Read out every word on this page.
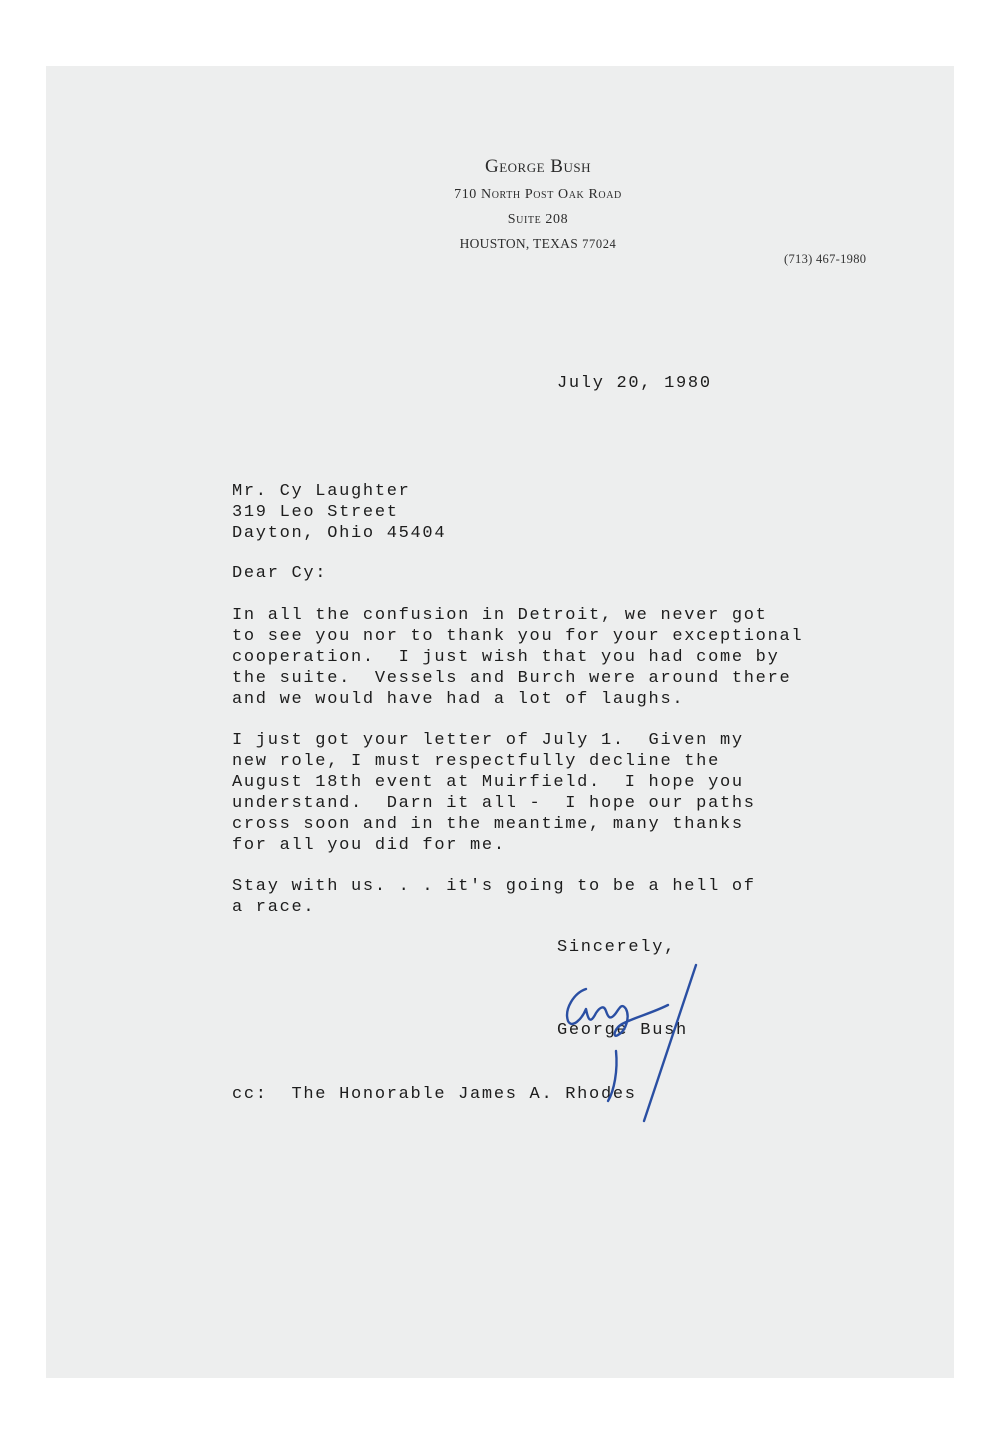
George Bush
710 North Post Oak Road
Suite 208
HOUSTON, TEXAS 77024
(713) 467-1980
July 20, 1980
Mr. Cy Laughter
319 Leo Street
Dayton, Ohio 45404
Dear Cy:
In all the confusion in Detroit, we never got
to see you nor to thank you for your exceptional
cooperation.  I just wish that you had come by
the suite.  Vessels and Burch were around there
and we would have had a lot of laughs.
I just got your letter of July 1.  Given my
new role, I must respectfully decline the
August 18th event at Muirfield.  I hope you
understand.  Darn it all -  I hope our paths
cross soon and in the meantime, many thanks
for all you did for me.
Stay with us. . . it's going to be a hell of
a race.
Sincerely,
George Bush
cc:  The Honorable James A. Rhodes
